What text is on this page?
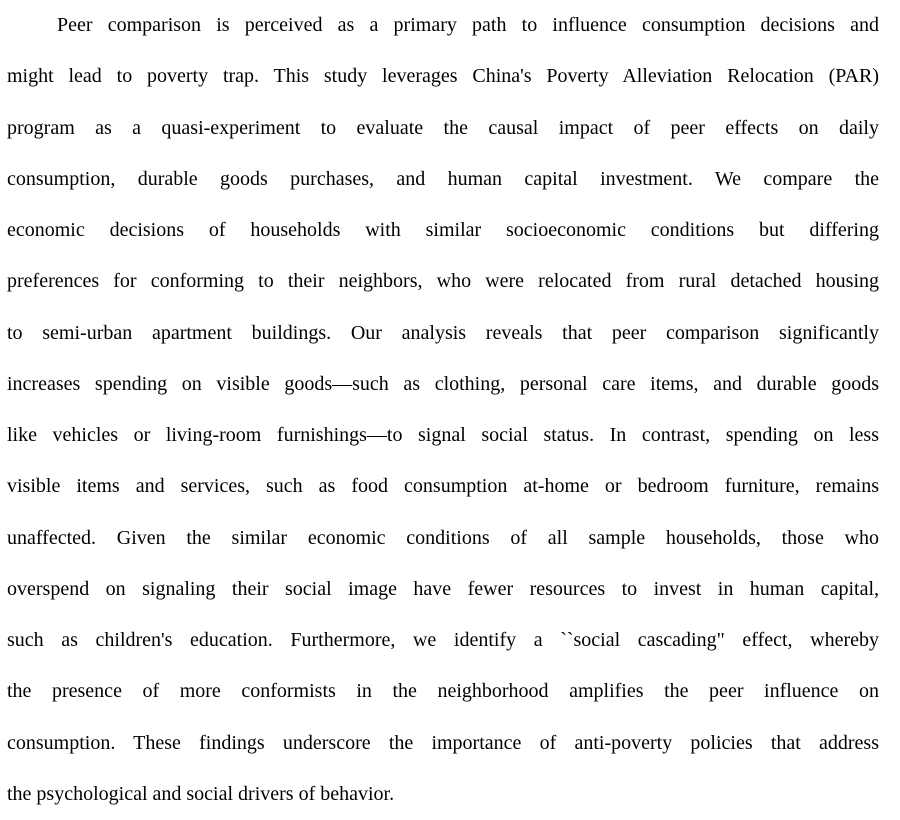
Peer comparison is perceived as a primary path to influence consumption decisions and
might lead to poverty trap. This study leverages China's Poverty Alleviation Relocation (PAR)
program as a quasi-experiment to evaluate the causal impact of peer effects on daily
consumption, durable goods purchases, and human capital investment. We compare the
economic decisions of households with similar socioeconomic conditions but differing
preferences for conforming to their neighbors, who were relocated from rural detached housing
to semi-urban apartment buildings. Our analysis reveals that peer comparison significantly
increases spending on visible goods—such as clothing, personal care items, and durable goods
like vehicles or living-room furnishings—to signal social status. In contrast, spending on less
visible items and services, such as food consumption at-home or bedroom furniture, remains
unaffected. Given the similar economic conditions of all sample households, those who
overspend on signaling their social image have fewer resources to invest in human capital,
such as children's education. Furthermore, we identify a ``social cascading" effect, whereby
the presence of more conformists in the neighborhood amplifies the peer influence on
consumption. These findings underscore the importance of anti-poverty policies that address
the psychological and social drivers of behavior.
